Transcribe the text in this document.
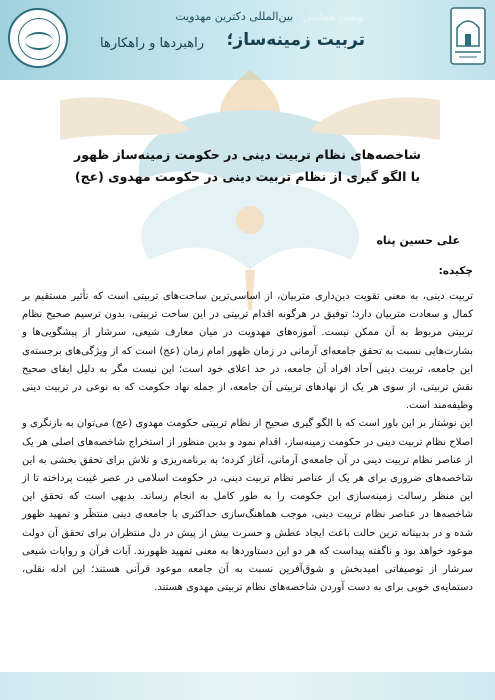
نهمین همایش بین‌المللی دکترین مهدویت
تربیت زمینه‌ساز؛
راهبردها و راهکارها
شاخصه‌های نظام تربیت دینی در حکومت زمینه‌ساز ظهور
با الگو گیری از نظام تربیت دینی در حکومت مهدوی (عج)
علی حسین پناه
چکیده:

تربیت دینی، به معنی تقویت دین‌داری متربیان، از اساسی‌ترین ساحت‌های تربیتی است که تأثیر مستقیم بر کمال و سعادت متربیان دارد؛ توفیق در هرگونه اقدام تربیتی در این ساحت تربیتی، بدون ترسیم صحیح نظام تربیتی مربوط به آن ممکن نیست. آموزه‌های مهدویت در میان معارف شیعی، سرشار از پیشگویی‌ها و بشارت‌هایی نسبت به تحقق جامعه‌ای آرمانی در زمان ظهور امام زمان (عج) است که از ویژگی‌های برجسته‌ی این جامعه، تربیت دینی آحاد افراد آن جامعه، در حد اعلای خود است؛ این نیست مگر به دلیل ایفای صحیح نقش تربیتی، از سوی هر یک از نهادهای تربیتی آن جامعه، از جمله نهاد حکومت که به نوعی در تربیت دینی وظیفه‌مند است.

این نوشتار بر این باور است که با الگو گیری صحیح از نظام تربیتی حکومت مهدوی (عج) می‌توان به بازنگری و اصلاح نظام تربیت دینی در حکومت زمینه‌ساز، اقدام نمود و بدین منظور از استخراج شاخصه‌های اصلی هر یک از عناصر نظام تربیت دینی در آن جامعه‌ی آرمانی، آغاز کرده؛ به برنامه‌ریزی و تلاش برای تحقق بخشی به این شاخصه‌های ضروری برای هر یک از عناصر نظام تربیت دینی، در حکومت اسلامی در عصر غیبت پرداخته تا از این منظر رسالت زمینه‌سازی این حکومت را به طور کامل به انجام رساند. بدیهی است که تحقق این شاخصه‌ها در عناصر نظام تربیت دینی، موجب هماهنگ‌سازی حداکثری با جامعه‌ی دینی منتظَر و تمهید ظهور شده و در بدبینانه ترین حالت باعث ایجاد عطش و حسرت بیش از پیش در دل منتظران برای تحقق آن دولت موعود خواهد بود و ناگفته پیداست که هر دو این دستاوردها به معنی تمهید ظهورند. آیات قرآن و روایات شیعی سرشار از توصیفاتی امیدبخش و شوق‌آفرین نسبت به آن جامعه موعود قرآنی هستند؛ این ادله نقلی، دستمایه‌ی خوبی برای به دست آوردن شاخصه‌های نظام تربیتی مهدوی هستند.
